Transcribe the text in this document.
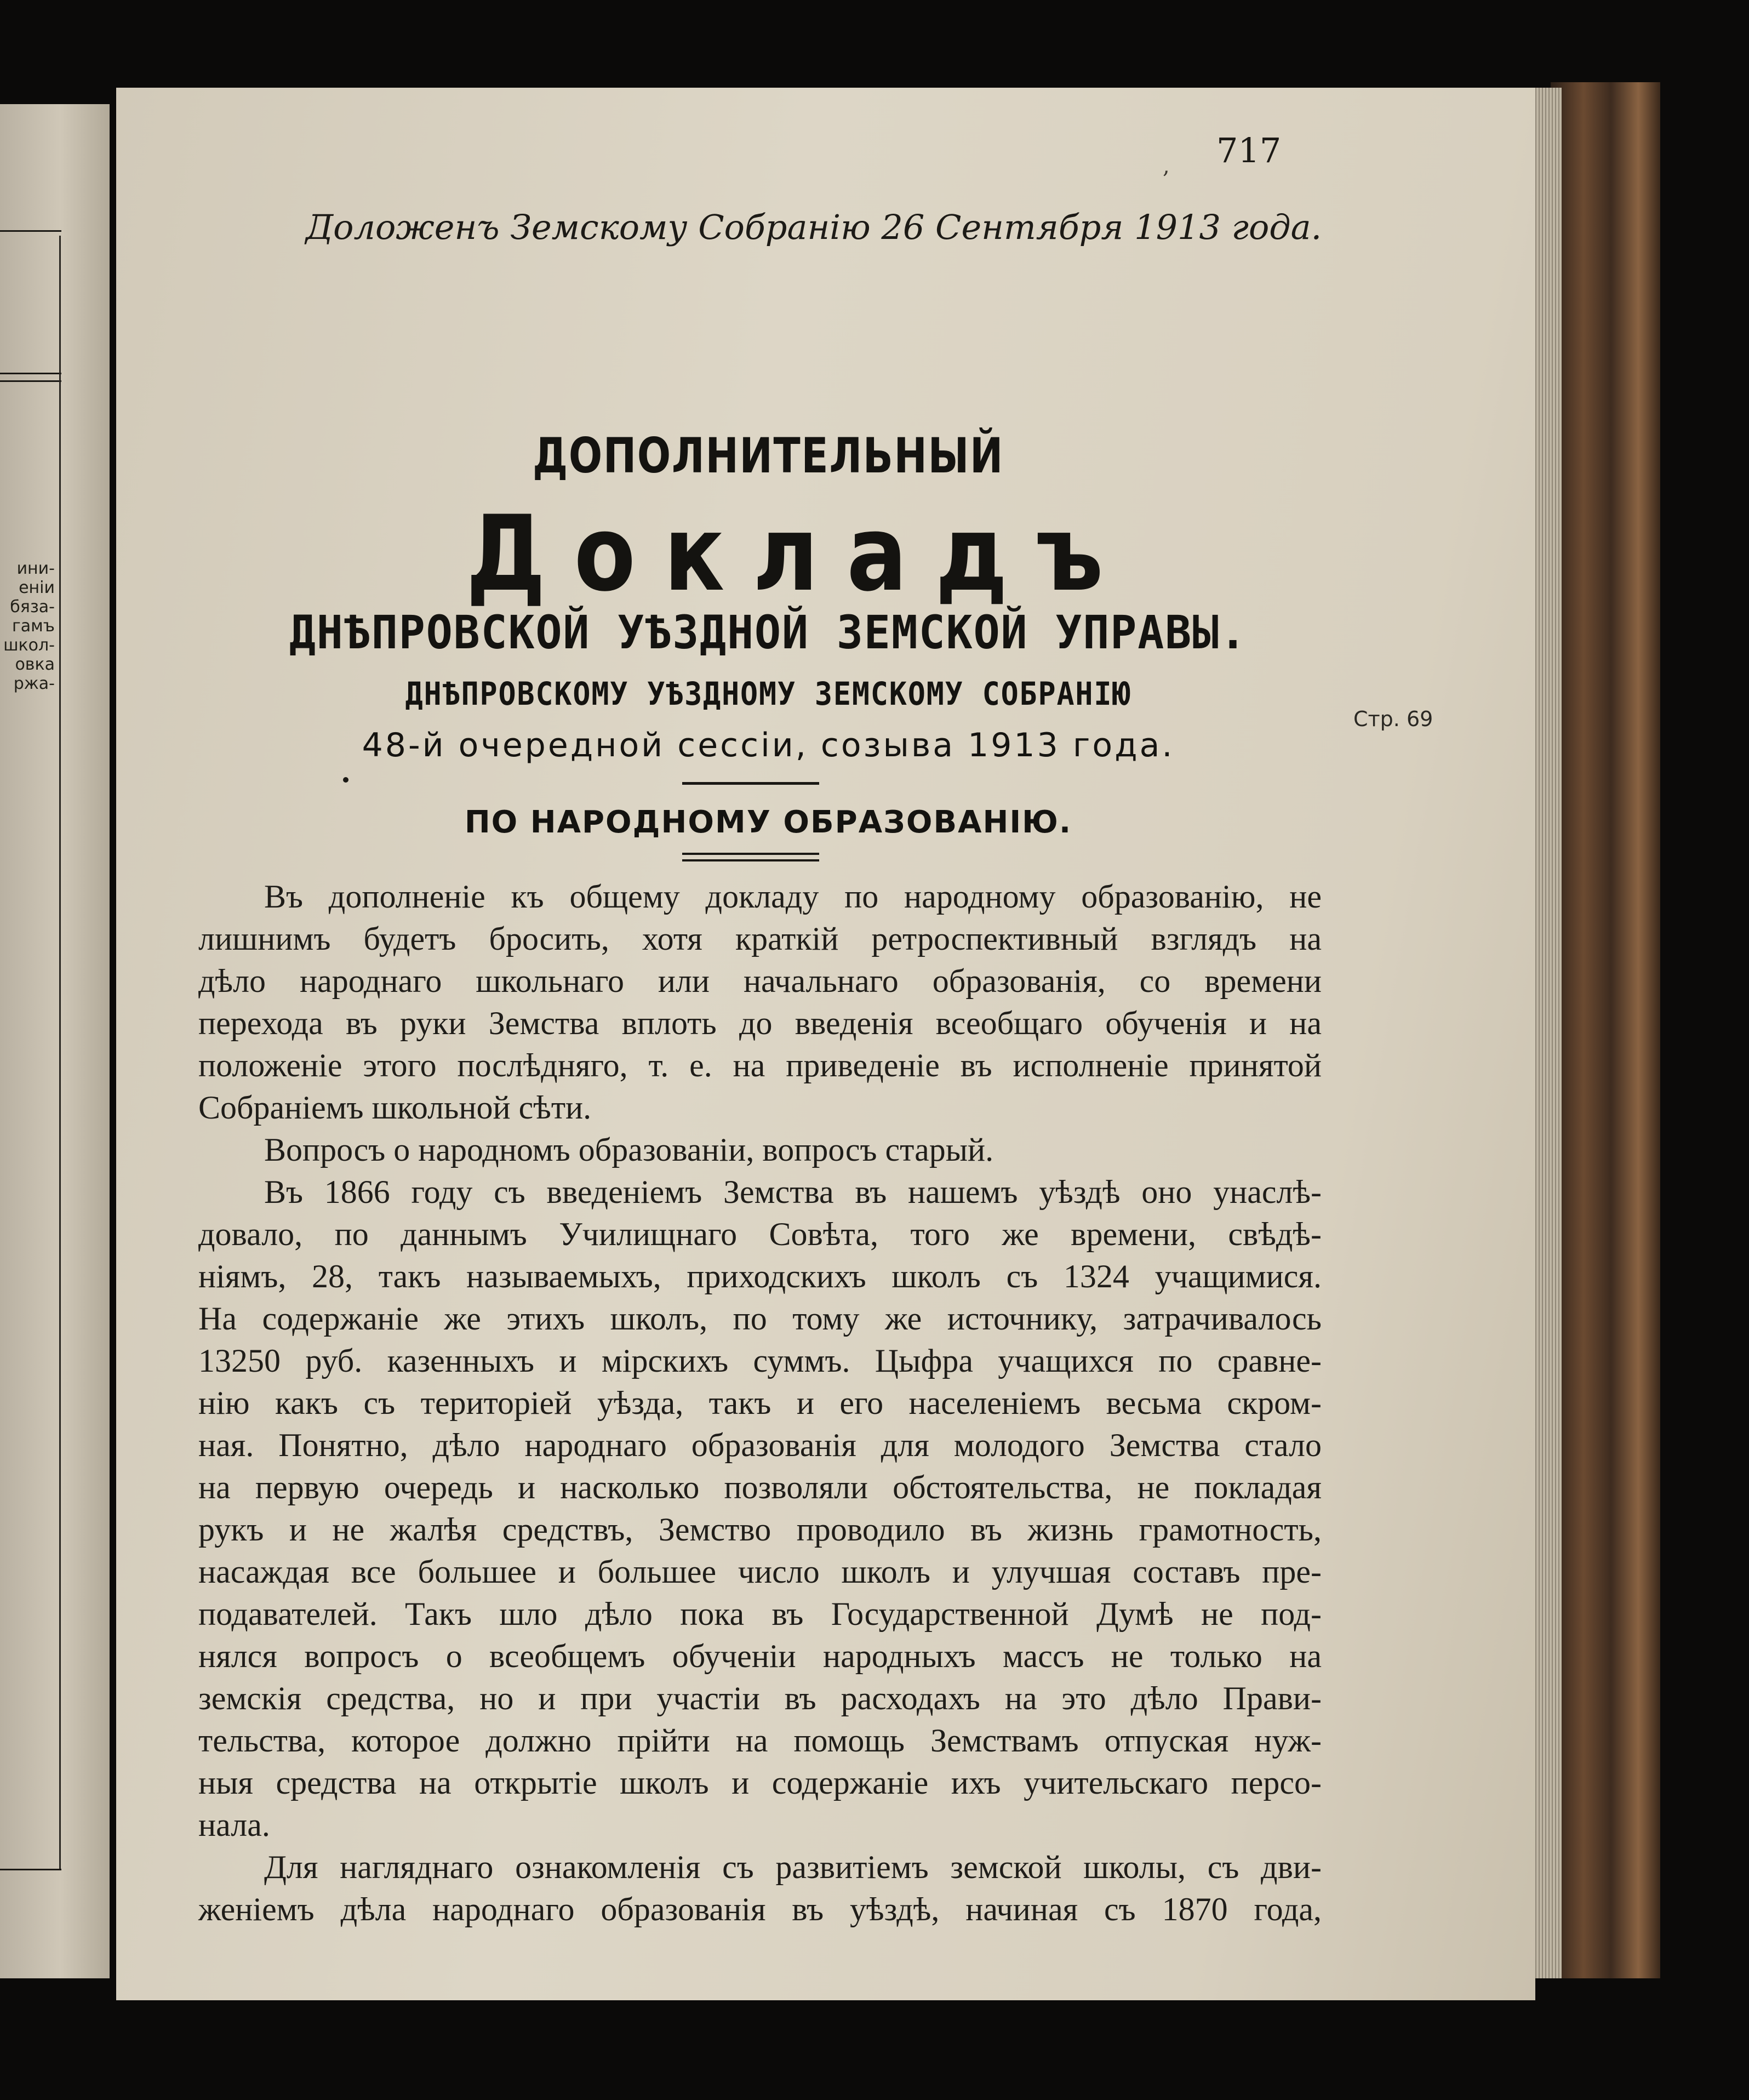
ини-
еніи
бяза-
гамъ
школ-
овка
ржа-
, 717
Доложенъ Земскому Собранію 26 Сентября 1913 года.
ДОПОЛНИТЕЛЬНЫЙ
Докладъ
ДНѢПРОВСКОЙ УѢЗДНОЙ ЗЕМСКОЙ УПРАВЫ.
ДНѢПРОВСКОМУ УѢЗДНОМУ ЗЕМСКОМУ СОБРАНІЮ
48-й очередной сессіи, созыва 1913 года.
ПО НАРОДНОМУ ОБРАЗОВАНІЮ.
Стр. 69
Въ дополненіе къ общему докладу по народному образованію, не
лишнимъ будетъ бросить, хотя краткій ретроспективный взглядъ на
дѣло народнаго школьнаго или начальнаго образованія, со времени
перехода въ руки Земства вплоть до введенія всеобщаго обученія и на
положеніе этого послѣдняго, т. е. на приведеніе въ исполненіе принятой
Собраніемъ школьной сѣти.
Вопросъ о народномъ образованіи, вопросъ старый.
Въ 1866 году съ введеніемъ Земства въ нашемъ уѣздѣ оно унаслѣ-
довало, по даннымъ Училищнаго Совѣта, того же времени, свѣдѣ-
ніямъ, 28, такъ называемыхъ, приходскихъ школъ съ 1324 учащимися.
На содержаніе же этихъ школъ, по тому же источнику, затрачивалось
13250 руб. казенныхъ и мірскихъ суммъ. Цыфра учащихся по сравне-
нію какъ съ територіей уѣзда, такъ и его населеніемъ весьма скром-
ная. Понятно, дѣло народнаго образованія для молодого Земства стало
на первую очередь и насколько позволяли обстоятельства, не покладая
рукъ и не жалѣя средствъ, Земство проводило въ жизнь грамотность,
насаждая все большее и большее число школъ и улучшая составъ пре-
подавателей. Такъ шло дѣло пока въ Государственной Думѣ не под-
нялся вопросъ о всеобщемъ обученіи народныхъ массъ не только на
земскія средства, но и при участіи въ расходахъ на это дѣло Прави-
тельства, которое должно прійти на помощь Земствамъ отпуская нуж-
ныя средства на открытіе школъ и содержаніе ихъ учительскаго персо-
нала.
Для нагляднаго ознакомленія съ развитіемъ земской школы, съ дви-
женіемъ дѣла народнаго образованія въ уѣздѣ, начиная съ 1870 года,
